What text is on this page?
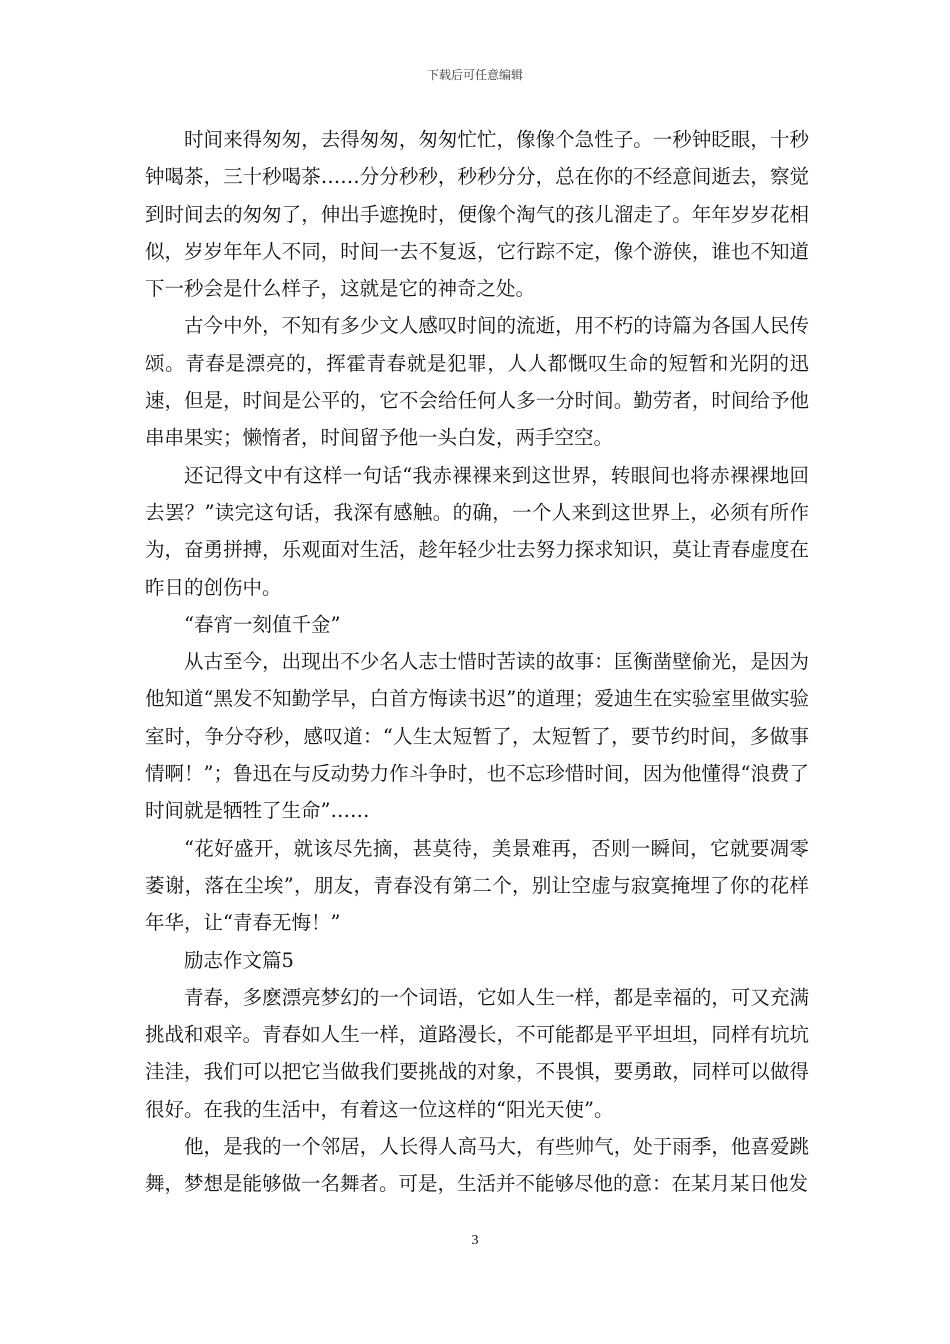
下载后可任意编辑

时间来得匆匆，去得匆匆，匆匆忙忙，像像个急性子。一秒钟眨眼，十秒钟喝茶，三十秒喝茶……分分秒秒，秒秒分分，总在你的不经意间逝去，察觉到时间去的匆匆了，伸出手遮挽时，便像个淘气的孩儿溜走了。年年岁岁花相似，岁岁年年人不同，时间一去不复返，它行踪不定，像个游侠，谁也不知道下一秒会是什么样子，这就是它的神奇之处。

古今中外，不知有多少文人感叹时间的流逝，用不朽的诗篇为各国人民传颂。青春是漂亮的，挥霍青春就是犯罪，人人都慨叹生命的短暂和光阴的迅速，但是，时间是公平的，它不会给任何人多一分时间。勤劳者，时间给予他串串果实；懒惰者，时间留予他一头白发，两手空空。

还记得文中有这样一句话“我赤裸裸来到这世界，转眼间也将赤裸裸地回去罢？”读完这句话，我深有感触。的确，一个人来到这世界上，必须有所作为，奋勇拼搏，乐观面对生活，趁年轻少壮去努力探求知识，莫让青春虚度在昨日的创伤中。

“春宵一刻值千金”

从古至今，出现出不少名人志士惜时苦读的故事：匡衡凿壁偷光，是因为他知道“黑发不知勤学早，白首方悔读书迟”的道理；爱迪生在实验室里做实验室时，争分夺秒，感叹道：“人生太短暂了，太短暂了，要节约时间，多做事情啊！”；鲁迅在与反动势力作斗争时，也不忘珍惜时间，因为他懂得“浪费了时间就是牺牲了生命”……

“花好盛开，就该尽先摘，甚莫待，美景难再，否则一瞬间，它就要凋零萎谢，落在尘埃”，朋友，青春没有第二个，别让空虚与寂寞掩埋了你的花样年华，让“青春无悔！”

励志作文篇5

青春，多麽漂亮梦幻的一个词语，它如人生一样，都是幸福的，可又充满挑战和艰辛。青春如人生一样，道路漫长，不可能都是平平坦坦，同样有坑坑洼洼，我们可以把它当做我们要挑战的对象，不畏惧，要勇敢，同样可以做得很好。在我的生活中，有着这一位这样的“阳光天使”。

他，是我的一个邻居，人长得人高马大，有些帅气，处于雨季，他喜爱跳舞，梦想是能够做一名舞者。可是，生活并不能够尽他的意：在某月某日他发

3
